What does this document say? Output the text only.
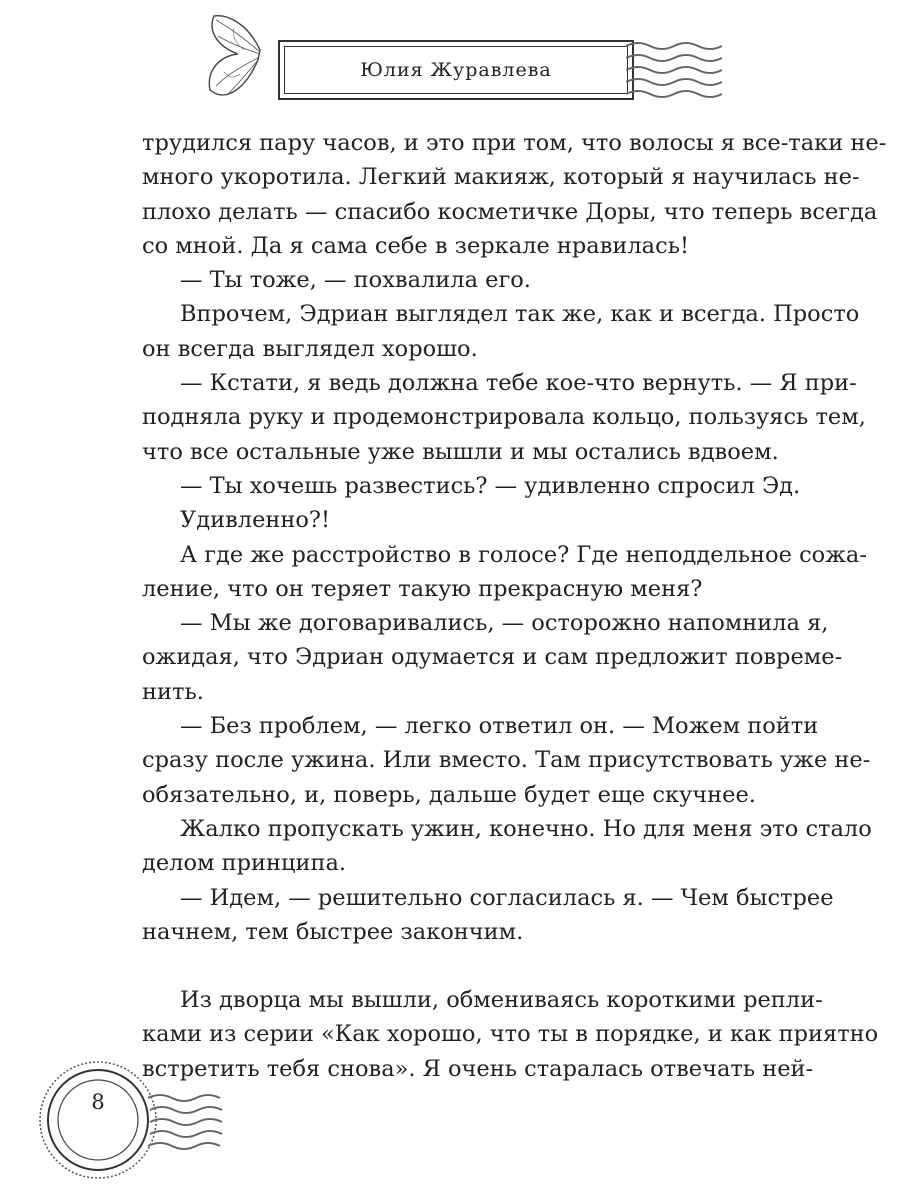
Юлия Журавлева
трудился пару часов, и это при том, что волосы я все-таки не-
много укоротила. Легкий макияж, который я научилась не-
плохо делать — спасибо косметичке Доры, что теперь всегда
со мной. Да я сама себе в зеркале нравилась!
— Ты тоже, — похвалила его.
Впрочем, Эдриан выглядел так же, как и всегда. Просто
он всегда выглядел хорошо.
— Кстати, я ведь должна тебе кое-что вернуть. — Я при-
подняла руку и продемонстрировала кольцо, пользуясь тем,
что все остальные уже вышли и мы остались вдвоем.
— Ты хочешь развестись? — удивленно спросил Эд.
Удивленно?!
А где же расстройство в голосе? Где неподдельное сожа-
ление, что он теряет такую прекрасную меня?
— Мы же договаривались, — осторожно напомнила я,
ожидая, что Эдриан одумается и сам предложит повреме-
нить.
— Без проблем, — легко ответил он. — Можем пойти
сразу после ужина. Или вместо. Там присутствовать уже не-
обязательно, и, поверь, дальше будет еще скучнее.
Жалко пропускать ужин, конечно. Но для меня это стало
делом принципа.
— Идем, — решительно согласилась я. — Чем быстрее
начнем, тем быстрее закончим.
Из дворца мы вышли, обмениваясь короткими репли-
ками из серии «Как хорошо, что ты в порядке, и как приятно
встретить тебя снова». Я очень старалась отвечать ней-
8
